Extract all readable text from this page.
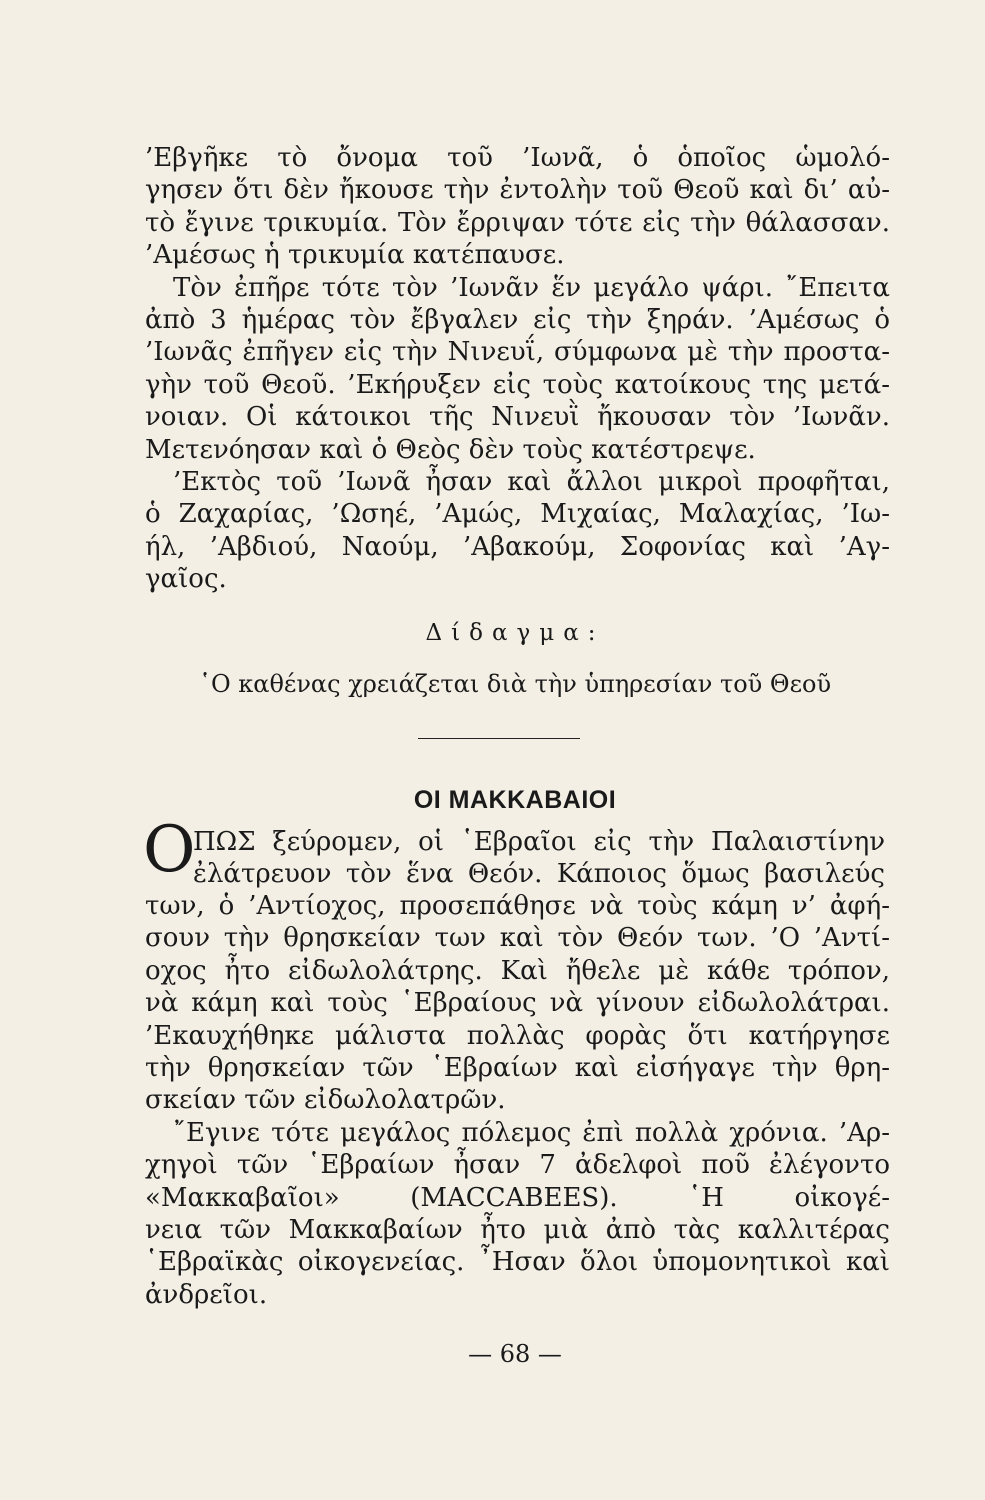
’Εβγῆκε τὸ ὄνομα τοῦ ’Ιωνᾶ, ὁ ὁποῖος ὡμολό-
γησεν ὅτι δὲν ἤκουσε τὴν ἐντολὴν τοῦ Θεοῦ καὶ δι’ αὐ-
τὸ ἔγινε τρικυμία. Τὸν ἔρριψαν τότε εἰς τὴν θάλασσαν.
’Αμέσως ἡ τρικυμία κατέπαυσε.
Τὸν ἐπῆρε τότε τὸν ’Ιωνᾶν ἕν μεγάλο ψάρι. ῎Επειτα
ἀπὸ 3 ἡμέρας τὸν ἔβγαλεν εἰς τὴν ξηράν. ’Αμέσως ὁ
’Ιωνᾶς ἐπῆγεν εἰς τὴν Νινευΐ, σύμφωνα μὲ τὴν προστα-
γὴν τοῦ Θεοῦ. ’Εκήρυξεν εἰς τοὺς κατοίκους της μετά-
νοιαν. Οἱ κάτοικοι τῆς Νινευῒ ἤκουσαν τὸν ’Ιωνᾶν.
Μετενόησαν καὶ ὁ Θεὸς δὲν τοὺς κατέστρεψε.
’Εκτὸς τοῦ ’Ιωνᾶ ἦσαν καὶ ἄλλοι μικροὶ προφῆται,
ὁ Ζαχαρίας, ’Ωσηέ, ’Αμώς, Μιχαίας, Μαλαχίας, ’Ιω-
ήλ, ’Αβδιού, Ναούμ, ’Αβακούμ, Σοφονίας καὶ ’Αγ-
γαῖος.
Δίδαγμα:
῾Ο καθένας χρειάζεται διὰ τὴν ὑπηρεσίαν τοῦ Θεοῦ
ΟΙ ΜΑΚΚΑΒΑΙΟΙ
Ο
ΠΩΣ ξεύρομεν, οἱ ῾Εβραῖοι εἰς τὴν Παλαιστίνην
ἐλάτρευον τὸν ἕνα Θεόν. Κάποιος ὅμως βασιλεύς
των, ὁ ’Αντίοχος, προσεπάθησε νὰ τοὺς κάμη ν’ ἀφή-
σουν τὴν θρησκείαν των καὶ τὸν Θεόν των. ’Ο ’Αντί-
οχος ἦτο εἰδωλολάτρης. Καὶ ἤθελε μὲ κάθε τρόπον,
νὰ κάμη καὶ τοὺς ῾Εβραίους νὰ γίνουν εἰδωλολάτραι.
’Εκαυχήθηκε μάλιστα πολλὰς φορὰς ὅτι κατήργησε
τὴν θρησκείαν τῶν ῾Εβραίων καὶ εἰσήγαγε τὴν θρη-
σκείαν τῶν εἰδωλολατρῶν.
῎Εγινε τότε μεγάλος πόλεμος ἐπὶ πολλὰ χρόνια. ’Αρ-
χηγοὶ τῶν ῾Εβραίων ἦσαν 7 ἀδελφοὶ ποῦ ἐλέγοντο
«Μακκαβαῖοι» (MACCABEES). ῾Η οἰκογέ-
νεια τῶν Μακκαβαίων ἦτο μιὰ ἀπὸ τὰς καλλιτέρας
῾Εβραϊκὰς οἰκογενείας. ῏Ησαν ὅλοι ὑπομονητικοὶ καὶ
ἀνδρεῖοι.
— 68 —
